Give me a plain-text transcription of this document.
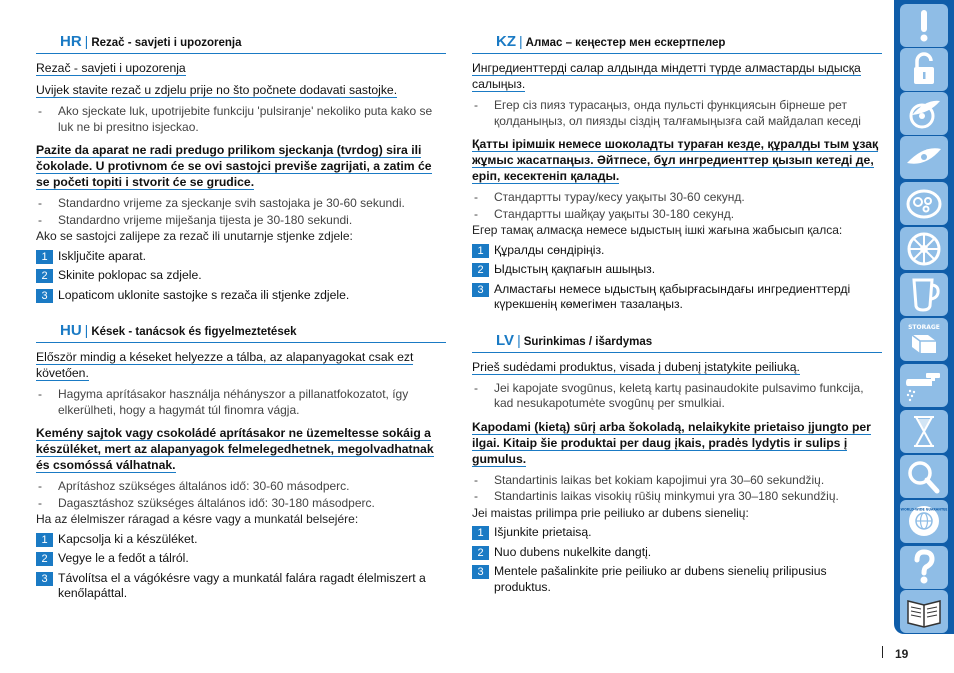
HR | Rezač - savjeti i upozorenja
Rezač - savjeti i upozorenja
Uvijek stavite rezač u zdjelu prije no što počnete dodavati sastojke.
- Ako sjeckate luk, upotrijebite funkciju 'pulsiranje' nekoliko puta kako se luk ne bi presitno isjeckao.
Pazite da aparat ne radi predugo prilikom sjeckanja (tvrdog) sira ili čokolade. U protivnom će se ovi sastojci previše zagrijati, a zatim će se početi topiti i stvorit će se grudice.
- Standardno vrijeme za sjeckanje svih sastojaka je 30-60 sekundi.
- Standardno vrijeme miješanja tijesta je 30-180 sekundi.
Ako se sastojci zalijepe za rezač ili unutarnje stjenke zdjele:
1 Isključite aparat.
2 Skinite poklopac sa zdjele.
3 Lopaticom uklonite sastojke s rezača ili stjenke zdjele.
HU | Kések - tanácsok és figyelmeztetések
Először mindig a késeket helyezze a tálba, az alapanyagokat csak ezt követően.
- Hagyma aprításakor használja néhányszor a pillanatfokozatot, így elkerülheti, hogy a hagymát túl finomra vágja.
Kemény sajtok vagy csokoládé aprításakor ne üzemeltesse sokáig a készüléket, mert az alapanyagok felmelegedhetnek, megolvadhatnak és csomóssá válhatnak.
- Aprításhoz szükséges általános idő: 30-60 másodperc.
- Dagasztáshoz szükséges általános idő: 30-180 másodperc.
Ha az élelmiszer ráragad a késre vagy a munkatál belsejére:
1 Kapcsolja ki a készüléket.
2 Vegye le a fedőt a tálról.
3 Távolítsa el a vágókésre vagy a munkatál falára ragadt élelmiszert a kenőlapáttal.
KZ | Алмас – кеңестер мен ескертпелер
Ингредиенттерді салар алдында міндетті түрде алмастарды ыдысқа салыңыз.
- Егер сіз пияз турасаңыз, онда пульсті функциясын бірнеше рет қолданыңыз, ол пиязды сіздің талғамыңызға сай майдалап кеседі
Қатты ірімшік немесе шоколадты тураған кезде, құралды тым ұзақ жұмыс жасатпаңыз. Әйтпесе, бұл ингредиенттер қызып кетеді де, еріп, кесектеніп қалады.
- Стандартты турау/кесу уақыты 30-60 секунд.
- Стандартты шайқау уақыты 30-180 секунд.
Егер тамақ алмасқа немесе ыдыстың ішкі жағына жабысып қалса:
1 Құралды сөндіріңіз.
2 Ыдыстың қақпағын ашыңыз.
3 Алмастағы немесе ыдыстың қабырғасындағы ингредиенттерді күрекшенің көмегімен тазалаңыз.
LV | Surinkimas / išardymas
Prieš sudėdami produktus, visada į dubenį įstatykite peiliuką.
- Jei kapojate svogūnus, keletą kartų pasinaudokite pulsavimo funkcija, kad nesukapotumėte svogūnų per smulkiai.
Kapodami (kietą) sūrį arba šokoladą, nelaikykite prietaiso įjungto per ilgai. Kitaip šie produktai per daug įkais, pradės lydytis ir sulips į gumulus.
- Standartinis laikas bet kokiam kapojimui yra 30–60 sekundžių.
- Standartinis laikas visokių rūšių minkymui yra 30–180 sekundžių.
Jei maistas prilimpa prie peiliuko ar dubens sienelių:
1 Išjunkite prietaisą.
2 Nuo dubens nukelkite dangtį.
3 Mentele pašalinkite prie peiliuko ar dubens sienelių prilipusius produktus.
STORAGE
WORLD-WIDE GUARANTEE
19
